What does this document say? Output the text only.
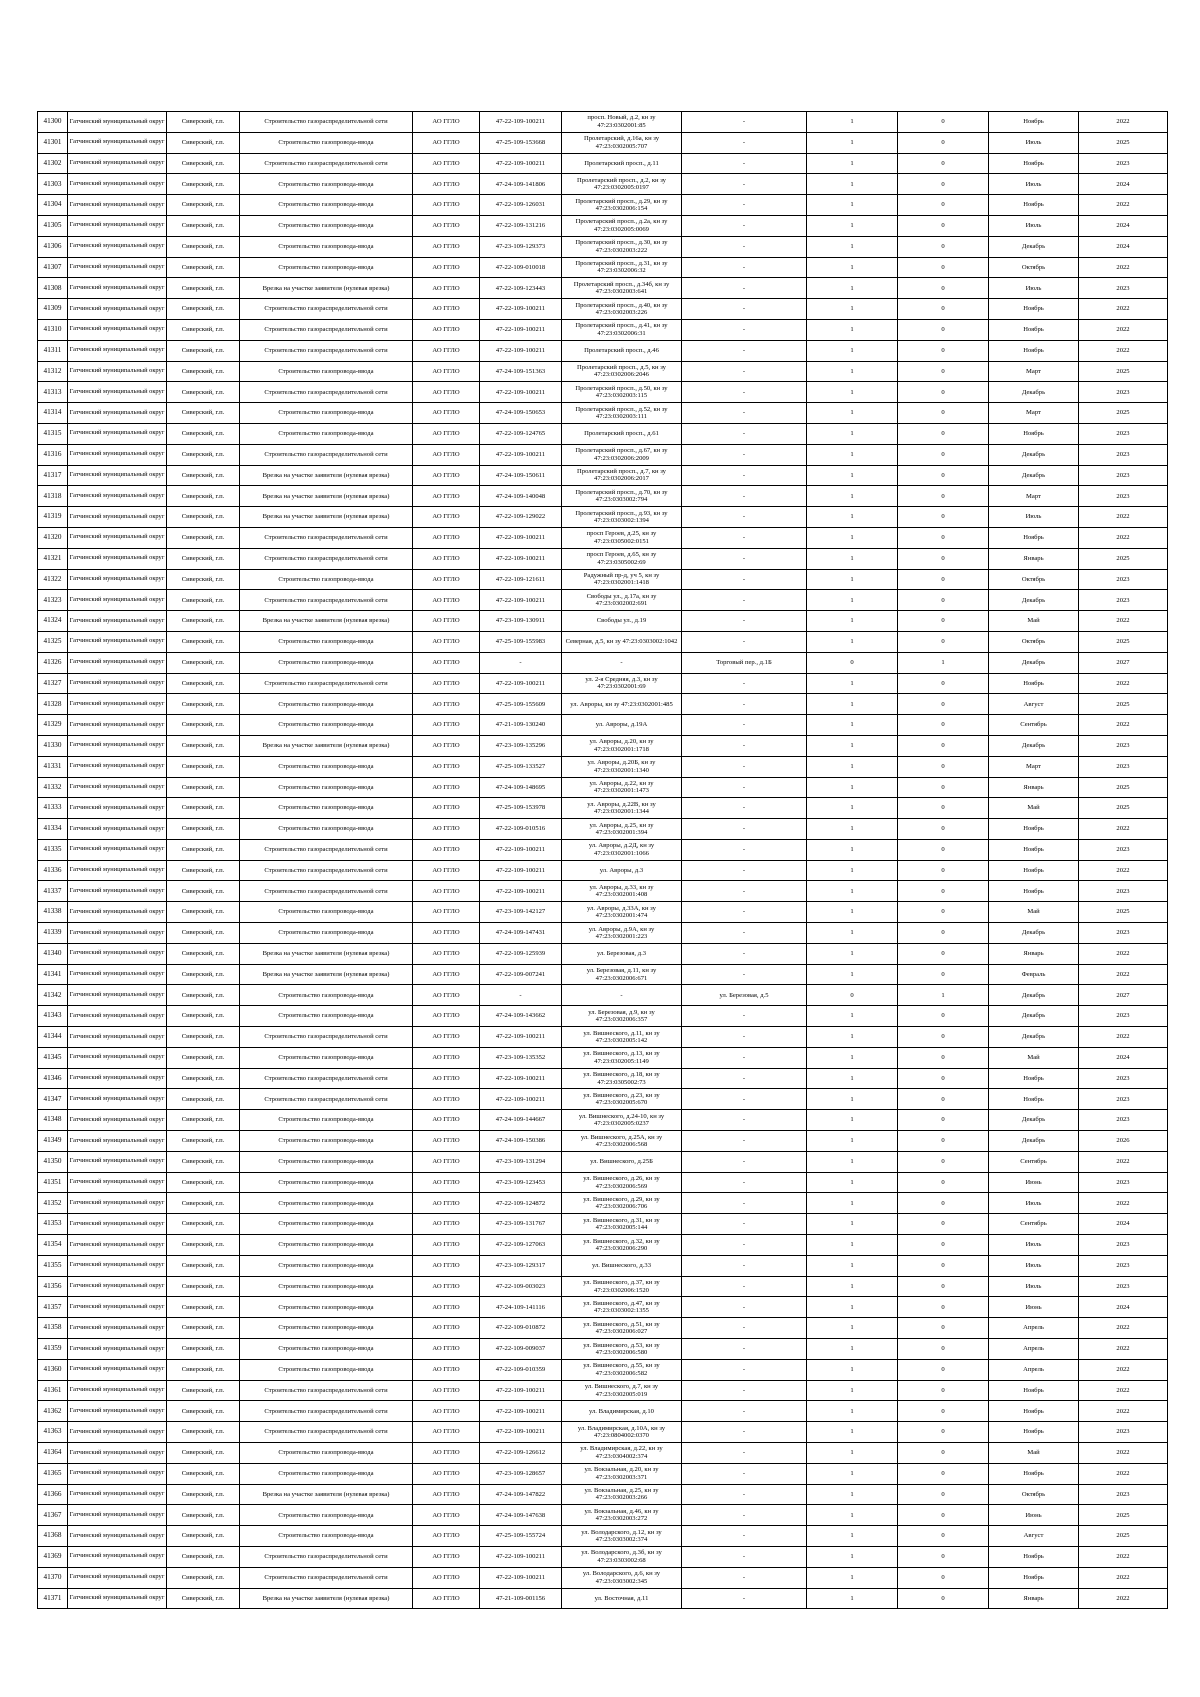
41300	Гатчинский муниципальный округ	Сиверский, г.п.	Строительство газораспределительной сети	АО ГГЛО	47-22-109-100211	просп. Новый, д.2, кн зу 47:23:0302001:85	-	1	0	Ноябрь	2022
41301	Гатчинский муниципальный округ	Сиверский, г.п.	Строительство газопровода-ввода	АО ГГЛО	47-25-109-153668	Пролетарский, д.16а, кн зу 47:23:0302005:707	-	1	0	Июль	2025
41302	Гатчинский муниципальный округ	Сиверский, г.п.	Строительство газораспределительной сети	АО ГГЛО	47-22-109-100211	Пролетарский просп., д.11	-	1	0	Ноябрь	2023
41303	Гатчинский муниципальный округ	Сиверский, г.п.	Строительство газопровода-ввода	АО ГГЛО	47-24-109-141806	Пролетарский просп., д.2, кн зу 47:23:0302005:0197	-	1	0	Июль	2024
41304	Гатчинский муниципальный округ	Сиверский, г.п.	Строительство газопровода-ввода	АО ГГЛО	47-22-109-126031	Пролетарский просп., д.29, кн зу 47:23:0302006:154	-	1	0	Ноябрь	2022
41305	Гатчинский муниципальный округ	Сиверский, г.п.	Строительство газопровода-ввода	АО ГГЛО	47-22-109-131216	Пролетарский просп., д.2а, кн зу 47:23:0302005:0069	-	1	0	Июль	2024
41306	Гатчинский муниципальный округ	Сиверский, г.п.	Строительство газопровода-ввода	АО ГГЛО	47-23-109-129373	Пролетарский просп., д.30, кн зу 47:23:0302003:222	-	1	0	Декабрь	2024
41307	Гатчинский муниципальный округ	Сиверский, г.п.	Строительство газопровода-ввода	АО ГГЛО	47-22-109-010018	Пролетарский просп., д.31, кн зу 47:23:0302006:32	-	1	0	Октябрь	2022
41308	Гатчинский муниципальный округ	Сиверский, г.п.	Врезка на участке заявителя (нулевая врезка)	АО ГГЛО	47-22-109-123443	Пролетарский просп., д.34б, кн зу 47:23:0302003:641	-	1	0	Июль	2023
41309	Гатчинский муниципальный округ	Сиверский, г.п.	Строительство газораспределительной сети	АО ГГЛО	47-22-109-100211	Пролетарский просп., д.40, кн зу 47:23:0302003:226	-	1	0	Ноябрь	2022
41310	Гатчинский муниципальный округ	Сиверский, г.п.	Строительство газораспределительной сети	АО ГГЛО	47-22-109-100211	Пролетарский просп., д.41, кн зу 47:23:0302006:31	-	1	0	Ноябрь	2022
41311	Гатчинский муниципальный округ	Сиверский, г.п.	Строительство газораспределительной сети	АО ГГЛО	47-22-109-100211	Пролетарский просп., д.46	-	1	0	Ноябрь	2022
41312	Гатчинский муниципальный округ	Сиверский, г.п.	Строительство газопровода-ввода	АО ГГЛО	47-24-109-151363	Пролетарский просп., д.5, кн зу 47:23:0302006:2046	-	1	0	Март	2025
41313	Гатчинский муниципальный округ	Сиверский, г.п.	Строительство газораспределительной сети	АО ГГЛО	47-22-109-100211	Пролетарский просп., д.50, кн зу 47:23:0302003:115	-	1	0	Декабрь	2023
41314	Гатчинский муниципальный округ	Сиверский, г.п.	Строительство газопровода-ввода	АО ГГЛО	47-24-109-150653	Пролетарский просп., д.52, кн зу 47:23:0302003:111	-	1	0	Март	2025
41315	Гатчинский муниципальный округ	Сиверский, г.п.	Строительство газопровода-ввода	АО ГГЛО	47-22-109-124765	Пролетарский просп., д.61	-	1	0	Ноябрь	2023
41316	Гатчинский муниципальный округ	Сиверский, г.п.	Строительство газораспределительной сети	АО ГГЛО	47-22-109-100211	Пролетарский просп., д.67, кн зу 47:23:0302006:2009	-	1	0	Декабрь	2023
41317	Гатчинский муниципальный округ	Сиверский, г.п.	Врезка на участке заявителя (нулевая врезка)	АО ГГЛО	47-24-109-150611	Пролетарский просп., д.7, кн зу 47:23:0302006:2017	-	1	0	Декабрь	2023
41318	Гатчинский муниципальный округ	Сиверский, г.п.	Врезка на участке заявителя (нулевая врезка)	АО ГГЛО	47-24-109-140048	Пролетарский просп., д.70, кн зу 47:23:0303002:794	-	1	0	Март	2023
41319	Гатчинский муниципальный округ	Сиверский, г.п.	Врезка на участке заявителя (нулевая врезка)	АО ГГЛО	47-22-109-129022	Пролетарский просп., д.93, кн зу 47:23:0303002:1394	-	1	0	Июль	2022
41320	Гатчинский муниципальный округ	Сиверский, г.п.	Строительство газораспределительной сети	АО ГГЛО	47-22-109-100211	просп Героев, д.25, кн зу 47:23:0305002:0151	-	1	0	Ноябрь	2022
41321	Гатчинский муниципальный округ	Сиверский, г.п.	Строительство газораспределительной сети	АО ГГЛО	47-22-109-100211	просп Героев, д.65, кн зу 47:23:0305002:69	-	1	0	Январь	2025
41322	Гатчинский муниципальный округ	Сиверский, г.п.	Строительство газопровода-ввода	АО ГГЛО	47-22-109-121611	Радужный пр-д, уч 5, кн зу 47:23:0302001:1418	-	1	0	Октябрь	2023
41323	Гатчинский муниципальный округ	Сиверский, г.п.	Строительство газораспределительной сети	АО ГГЛО	47-22-109-100211	Свободы ул., д.17а, кн зу 47:23:0302002:691	-	1	0	Декабрь	2023
41324	Гатчинский муниципальный округ	Сиверский, г.п.	Врезка на участке заявителя (нулевая врезка)	АО ГГЛО	47-23-109-130911	Свободы ул., д.19	-	1	0	Май	2022
41325	Гатчинский муниципальный округ	Сиверский, г.п.	Строительство газопровода-ввода	АО ГГЛО	47-25-109-155983	Северная, д.5, кн зу 47:23:0303002:1042	-	1	0	Октябрь	2025
41326	Гатчинский муниципальный округ	Сиверский, г.п.	Строительство газопровода-ввода	АО ГГЛО	-	-	Торговый пер., д.1Б	0	1	Декабрь	2027
41327	Гатчинский муниципальный округ	Сиверский, г.п.	Строительство газораспределительной сети	АО ГГЛО	47-22-109-100211	ул. 2-я Средняя, д.3, кн зу 47:23:0302001:69	-	1	0	Ноябрь	2022
41328	Гатчинский муниципальный округ	Сиверский, г.п.	Строительство газопровода-ввода	АО ГГЛО	47-25-109-155609	ул. Авроры, кн зу 47:23:0302001:485	-	1	0	Август	2025
41329	Гатчинский муниципальный округ	Сиверский, г.п.	Строительство газопровода-ввода	АО ГГЛО	47-21-109-130240	ул. Авроры, д.19А	-	1	0	Сентябрь	2022
41330	Гатчинский муниципальный округ	Сиверский, г.п.	Врезка на участке заявителя (нулевая врезка)	АО ГГЛО	47-23-109-135296	ул. Авроры, д.20, кн зу 47:23:0302001:1718	-	1	0	Декабрь	2023
41331	Гатчинский муниципальный округ	Сиверский, г.п.	Строительство газопровода-ввода	АО ГГЛО	47-25-109-133527	ул. Авроры, д.20Б, кн зу 47:23:0302001:1340	-	1	0	Март	2023
41332	Гатчинский муниципальный округ	Сиверский, г.п.	Строительство газопровода-ввода	АО ГГЛО	47-24-109-148695	ул. Авроры, д.22, кн зу 47:23:0302001:1473	-	1	0	Январь	2025
41333	Гатчинский муниципальный округ	Сиверский, г.п.	Строительство газопровода-ввода	АО ГГЛО	47-25-109-153978	ул. Авроры, д.22В, кн зу 47:23:0302001:1344	-	1	0	Май	2025
41334	Гатчинский муниципальный округ	Сиверский, г.п.	Строительство газопровода-ввода	АО ГГЛО	47-22-109-010516	ул. Авроры, д.25, кн зу 47:23:0302001:394	-	1	0	Ноябрь	2022
41335	Гатчинский муниципальный округ	Сиверский, г.п.	Строительство газораспределительной сети	АО ГГЛО	47-22-109-100211	ул. Авроры, д.2Д, кн зу 47:23:0302001:1066	-	1	0	Ноябрь	2023
41336	Гатчинский муниципальный округ	Сиверский, г.п.	Строительство газораспределительной сети	АО ГГЛО	47-22-109-100211	ул. Авроры, д.3	-	1	0	Ноябрь	2022
41337	Гатчинский муниципальный округ	Сиверский, г.п.	Строительство газораспределительной сети	АО ГГЛО	47-22-109-100211	ул. Авроры, д.33, кн зу 47:23:0302001:408	-	1	0	Ноябрь	2023
41338	Гатчинский муниципальный округ	Сиверский, г.п.	Строительство газопровода-ввода	АО ГГЛО	47-23-109-142127	ул. Авроры, д.33А, кн зу 47:23:0302001:474	-	1	0	Май	2025
41339	Гатчинский муниципальный округ	Сиверский, г.п.	Строительство газопровода-ввода	АО ГГЛО	47-24-109-147431	ул. Авроры, д.9А, кн зу 47:23:0302001:223	-	1	0	Декабрь	2023
41340	Гатчинский муниципальный округ	Сиверский, г.п.	Врезка на участке заявителя (нулевая врезка)	АО ГГЛО	47-22-109-125939	ул. Березовая, д.3	-	1	0	Январь	2022
41341	Гатчинский муниципальный округ	Сиверский, г.п.	Врезка на участке заявителя (нулевая врезка)	АО ГГЛО	47-22-109-007241	ул. Березовая, д.11, кн зу 47:23:0302006:671	-	1	0	Февраль	2022
41342	Гатчинский муниципальный округ	Сиверский, г.п.	Строительство газопровода-ввода	АО ГГЛО	-	-	ул. Березовая, д.5	0	1	Декабрь	2027
41343	Гатчинский муниципальный округ	Сиверский, г.п.	Строительство газопровода-ввода	АО ГГЛО	47-24-109-143662	ул. Березовая, д.9, кн зу 47:23:0302006:357	-	1	0	Декабрь	2023
41344	Гатчинский муниципальный округ	Сиверский, г.п.	Строительство газораспределительной сети	АО ГГЛО	47-22-109-100211	ул. Вишнеского, д.11, кн зу 47:23:0302005:142	-	1	0	Декабрь	2022
41345	Гатчинский муниципальный округ	Сиверский, г.п.	Строительство газопровода-ввода	АО ГГЛО	47-23-109-135352	ул. Вишнеского, д.13, кн зу 47:23:0302005:1149	-	1	0	Май	2024
41346	Гатчинский муниципальный округ	Сиверский, г.п.	Строительство газораспределительной сети	АО ГГЛО	47-22-109-100211	ул. Вишнеского, д.18, кн зу 47:23:0305002:73	-	1	0	Ноябрь	2023
41347	Гатчинский муниципальный округ	Сиверский, г.п.	Строительство газораспределительной сети	АО ГГЛО	47-22-109-100211	ул. Вишнеского, д.23, кн зу 47:23:0302005:670	-	1	0	Ноябрь	2023
41348	Гатчинский муниципальный округ	Сиверский, г.п.	Строительство газопровода-ввода	АО ГГЛО	47-24-109-144667	ул. Вишнеского, д.24-10, кн зу 47:23:0302005:0237	-	1	0	Декабрь	2023
41349	Гатчинский муниципальный округ	Сиверский, г.п.	Строительство газопровода-ввода	АО ГГЛО	47-24-109-150386	ул. Вишнеского, д.25А, кн зу 47:23:0302006:568	-	1	0	Декабрь	2026
41350	Гатчинский муниципальный округ	Сиверский, г.п.	Строительство газопровода-ввода	АО ГГЛО	47-23-109-131294	ул. Вишнеского, д.25Б	-	1	0	Сентябрь	2022
41351	Гатчинский муниципальный округ	Сиверский, г.п.	Строительство газопровода-ввода	АО ГГЛО	47-23-109-123453	ул. Вишнеского, д.26, кн зу 47:23:0302006:569	-	1	0	Июнь	2023
41352	Гатчинский муниципальный округ	Сиверский, г.п.	Строительство газопровода-ввода	АО ГГЛО	47-22-109-124872	ул. Вишнеского, д.29, кн зу 47:23:0302006:706	-	1	0	Июль	2022
41353	Гатчинский муниципальный округ	Сиверский, г.п.	Строительство газопровода-ввода	АО ГГЛО	47-23-109-131767	ул. Вишнеского, д.31, кн зу 47:23:0302005:144	-	1	0	Сентябрь	2024
41354	Гатчинский муниципальный округ	Сиверский, г.п.	Строительство газопровода-ввода	АО ГГЛО	47-22-109-127063	ул. Вишнеского, д.32, кн зу 47:23:0302006:290	-	1	0	Июль	2023
41355	Гатчинский муниципальный округ	Сиверский, г.п.	Строительство газопровода-ввода	АО ГГЛО	47-23-109-129317	ул. Вишнеского, д.33	-	1	0	Июль	2023
41356	Гатчинский муниципальный округ	Сиверский, г.п.	Строительство газопровода-ввода	АО ГГЛО	47-22-109-003023	ул. Вишнеского, д.37, кн зу 47:23:0302006:1520	-	1	0	Июль	2023
41357	Гатчинский муниципальный округ	Сиверский, г.п.	Строительство газопровода-ввода	АО ГГЛО	47-24-109-141116	ул. Вишнеского, д.47, кн зу 47:23:0303002:1355	-	1	0	Июнь	2024
41358	Гатчинский муниципальный округ	Сиверский, г.п.	Строительство газопровода-ввода	АО ГГЛО	47-22-109-010872	ул. Вишнеского, д.51, кн зу 47:23:0302006:027	-	1	0	Апрель	2022
41359	Гатчинский муниципальный округ	Сиверский, г.п.	Строительство газопровода-ввода	АО ГГЛО	47-22-109-009037	ул. Вишнеского, д.53, кн зу 47:23:0302006:580	-	1	0	Апрель	2022
41360	Гатчинский муниципальный округ	Сиверский, г.п.	Строительство газопровода-ввода	АО ГГЛО	47-22-109-010359	ул. Вишнеского, д.55, кн зу 47:23:0302006:582	-	1	0	Апрель	2022
41361	Гатчинский муниципальный округ	Сиверский, г.п.	Строительство газораспределительной сети	АО ГГЛО	47-22-109-100211	ул. Вишнеского, д.7, кн зу 47:23:0302005:019	-	1	0	Ноябрь	2022
41362	Гатчинский муниципальный округ	Сиверский, г.п.	Строительство газораспределительной сети	АО ГГЛО	47-22-109-100211	ул. Владимирская, д.10	-	1	0	Ноябрь	2022
41363	Гатчинский муниципальный округ	Сиверский, г.п.	Строительство газораспределительной сети	АО ГГЛО	47-22-109-100211	ул. Владимирская, д.10А, кн зу 47:23:0804002:0370	-	1	0	Ноябрь	2023
41364	Гатчинский муниципальный округ	Сиверский, г.п.	Строительство газопровода-ввода	АО ГГЛО	47-22-109-126612	ул. Владимирская, д.22, кн зу 47:23:0304002:374	-	1	0	Май	2022
41365	Гатчинский муниципальный округ	Сиверский, г.п.	Строительство газопровода-ввода	АО ГГЛО	47-23-109-128657	ул. Вокзальная, д.20, кн зу 47:23:0302003:371	-	1	0	Ноябрь	2022
41366	Гатчинский муниципальный округ	Сиверский, г.п.	Врезка на участке заявителя (нулевая врезка)	АО ГГЛО	47-24-109-147822	ул. Вокзальная, д.25, кн зу 47:23:0302003:266	-	1	0	Октябрь	2023
41367	Гатчинский муниципальный округ	Сиверский, г.п.	Строительство газопровода-ввода	АО ГГЛО	47-24-109-147638	ул. Вокзальная, д.46, кн зу 47:23:0302003:272	-	1	0	Июнь	2025
41368	Гатчинский муниципальный округ	Сиверский, г.п.	Строительство газопровода-ввода	АО ГГЛО	47-25-109-155724	ул. Володарского, д.12, кн зу 47:23:0303002:374	-	1	0	Август	2025
41369	Гатчинский муниципальный округ	Сиверский, г.п.	Строительство газораспределительной сети	АО ГГЛО	47-22-109-100211	ул. Володарского, д.3б, кн зу 47:23:0303002:68	-	1	0	Ноябрь	2022
41370	Гатчинский муниципальный округ	Сиверский, г.п.	Строительство газораспределительной сети	АО ГГЛО	47-22-109-100211	ул. Володарского, д.6, кн зу 47:23:0303002:345	-	1	0	Ноябрь	2022
41371	Гатчинский муниципальный округ	Сиверский, г.п.	Врезка на участке заявителя (нулевая врезка)	АО ГГЛО	47-21-109-001156	ул. Восточная, д.11	-	1	0	Январь	2022
